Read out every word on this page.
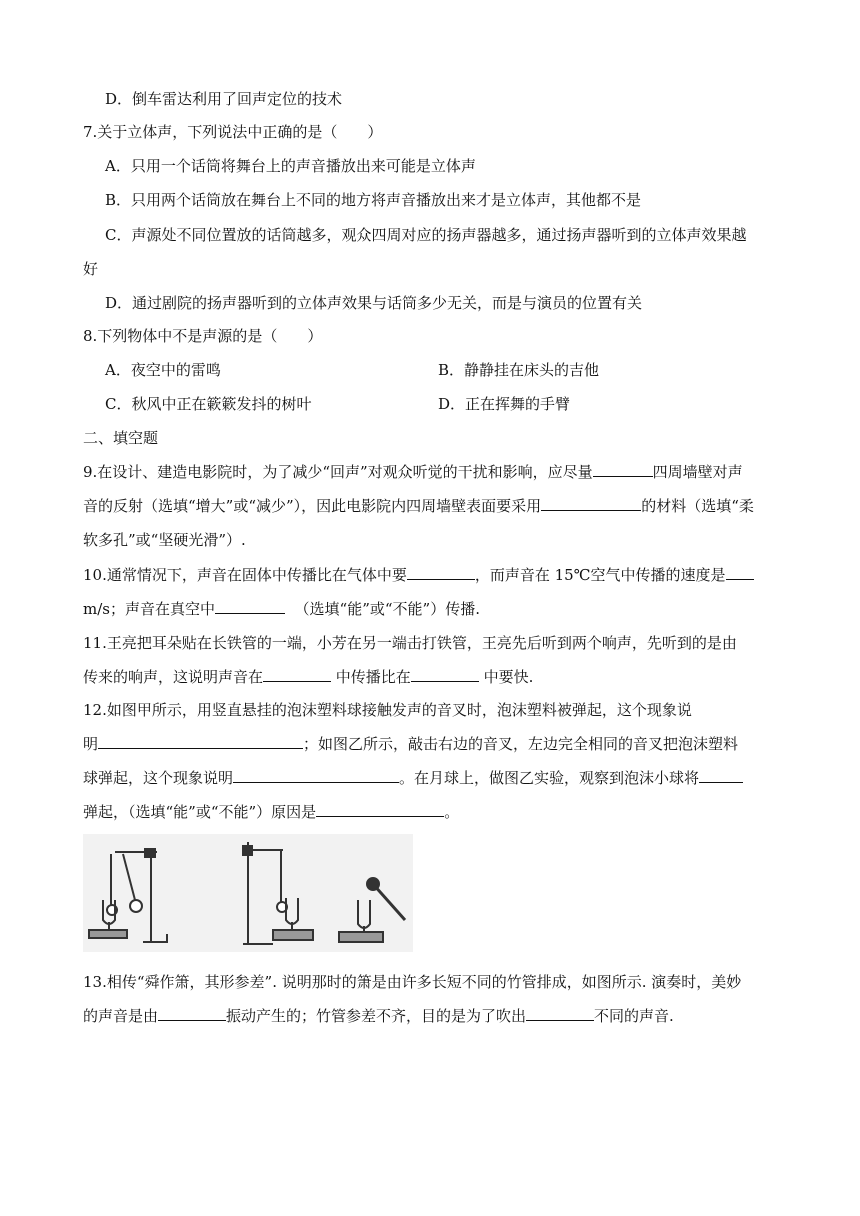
D．倒车雷达利用了回声定位的技术
7.关于立体声，下列说法中正确的是（　　）
A．只用一个话筒将舞台上的声音播放出来可能是立体声
B．只用两个话筒放在舞台上不同的地方将声音播放出来才是立体声，其他都不是
C．声源处不同位置放的话筒越多，观众四周对应的扬声器越多，通过扬声器听到的立体声效果越
好
D．通过剧院的扬声器听到的立体声效果与话筒多少无关，而是与演员的位置有关
8.下列物体中不是声源的是（　　）
A．夜空中的雷鸣	B．静静挂在床头的吉他
C．秋风中正在簌簌发抖的树叶	D．正在挥舞的手臂
二、填空题
9.在设计、建造电影院时，为了减少“回声”对观众听觉的干扰和影响，应尽量	四周墙壁对声
音的反射（选填“增大”或“减少”），因此电影院内四周墙壁表面要采用	的材料（选填“柔
软多孔”或“坚硬光滑”）.
10.通常情况下，声音在固体中传播比在气体中要	，而声音在 15℃空气中传播的速度是
m/s；声音在真空中	（选填“能”或“不能”）传播.
11.王亮把耳朵贴在长铁管的一端，小芳在另一端击打铁管，王亮先后听到两个响声，先听到的是由
传来的响声，这说明声音在	中传播比在	中要快.
12.如图甲所示，用竖直悬挂的泡沫塑料球接触发声的音叉时，泡沫塑料被弹起，这个现象说
明	；如图乙所示，敲击右边的音叉，左边完全相同的音叉把泡沫塑料
球弹起，这个现象说明	。在月球上，做图乙实验，观察到泡沫小球将
弹起，（选填“能”或“不能”）原因是	。
13.相传“舜作箫，其形参差”. 说明那时的箫是由许多长短不同的竹管排成，如图所示. 演奏时，美妙
的声音是由	振动产生的；竹管参差不齐，目的是为了吹出	不同的声音.
